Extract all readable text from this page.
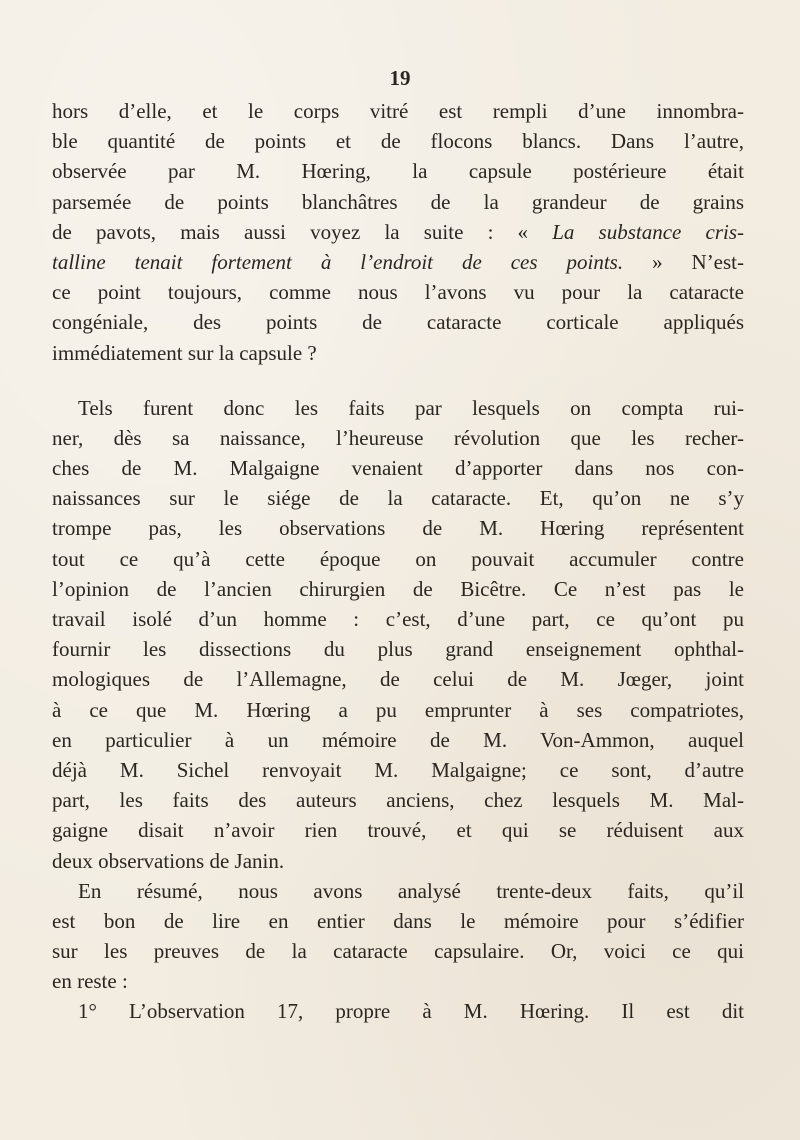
19
hors d’elle, et le corps vitré est rempli d’une innombra-
ble quantité de points et de flocons blancs. Dans l’autre,
observée par M. Hœring, la capsule postérieure était
parsemée de points blanchâtres de la grandeur de grains
de pavots, mais aussi voyez la suite : « La substance cris-
talline tenait fortement à l’endroit de ces points. » N’est-
ce point toujours, comme nous l’avons vu pour la cataracte
congéniale, des points de cataracte corticale appliqués
immédiatement sur la capsule ?
Tels furent donc les faits par lesquels on compta rui-
ner, dès sa naissance, l’heureuse révolution que les recher-
ches de M. Malgaigne venaient d’apporter dans nos con-
naissances sur le siége de la cataracte. Et, qu’on ne s’y
trompe pas, les observations de M. Hœring représentent
tout ce qu’à cette époque on pouvait accumuler contre
l’opinion de l’ancien chirurgien de Bicêtre. Ce n’est pas le
travail isolé d’un homme : c’est, d’une part, ce qu’ont pu
fournir les dissections du plus grand enseignement ophthal-
mologiques de l’Allemagne, de celui de M. Jœger, joint
à ce que M. Hœring a pu emprunter à ses compatriotes,
en particulier à un mémoire de M. Von-Ammon, auquel
déjà M. Sichel renvoyait M. Malgaigne; ce sont, d’autre
part, les faits des auteurs anciens, chez lesquels M. Mal-
gaigne disait n’avoir rien trouvé, et qui se réduisent aux
deux observations de Janin.
En résumé, nous avons analysé trente-deux faits, qu’il
est bon de lire en entier dans le mémoire pour s’édifier
sur les preuves de la cataracte capsulaire. Or, voici ce qui
en reste :
1° L’observation 17, propre à M. Hœring. Il est dit
